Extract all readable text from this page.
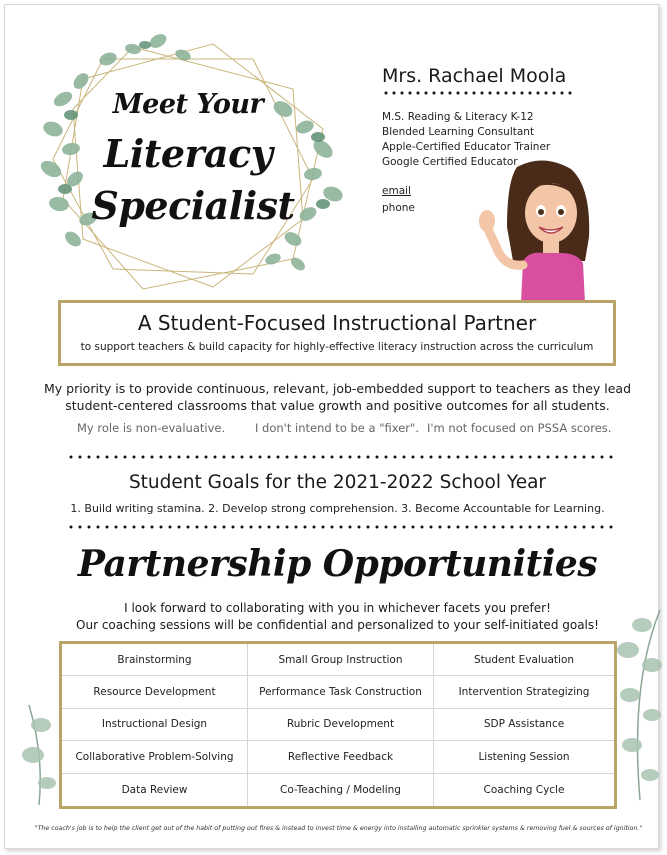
Meet Your
Literacy
Specialist
Mrs. Rachael Moola
M.S. Reading & Literacy K-12
Blended Learning Consultant
Apple-Certified Educator Trainer
Google Certified Educator
email
phone
A Student-Focused Instructional Partner
to support teachers & build capacity for highly-effective literacy instruction across the curriculum
My priority is to provide continuous, relevant, job-embedded support to teachers as they lead
student-centered classrooms that value growth and positive outcomes for all students.
My role is non-evaluative.	I don't intend to be a "fixer". I'm not focused on PSSA scores.
Student Goals for the 2021-2022 School Year
1. Build writing stamina. 2. Develop strong comprehension. 3. Become Accountable for Learning.
Partnership Opportunities
I look forward to collaborating with you in whichever facets you prefer!
Our coaching sessions will be confidential and personalized to your self-initiated goals!
Brainstorming	Small Group Instruction	Student Evaluation
Resource Development	Performance Task Construction	Intervention Strategizing
Instructional Design	Rubric Development	SDP Assistance
Collaborative Problem-Solving	Reflective Feedback	Listening Session
Data Review	Co-Teaching / Modeling	Coaching Cycle
"The coach's job is to help the client get out of the habit of putting out fires & instead to invest time & energy into installing automatic sprinkler systems & removing fuel & sources of ignition."
